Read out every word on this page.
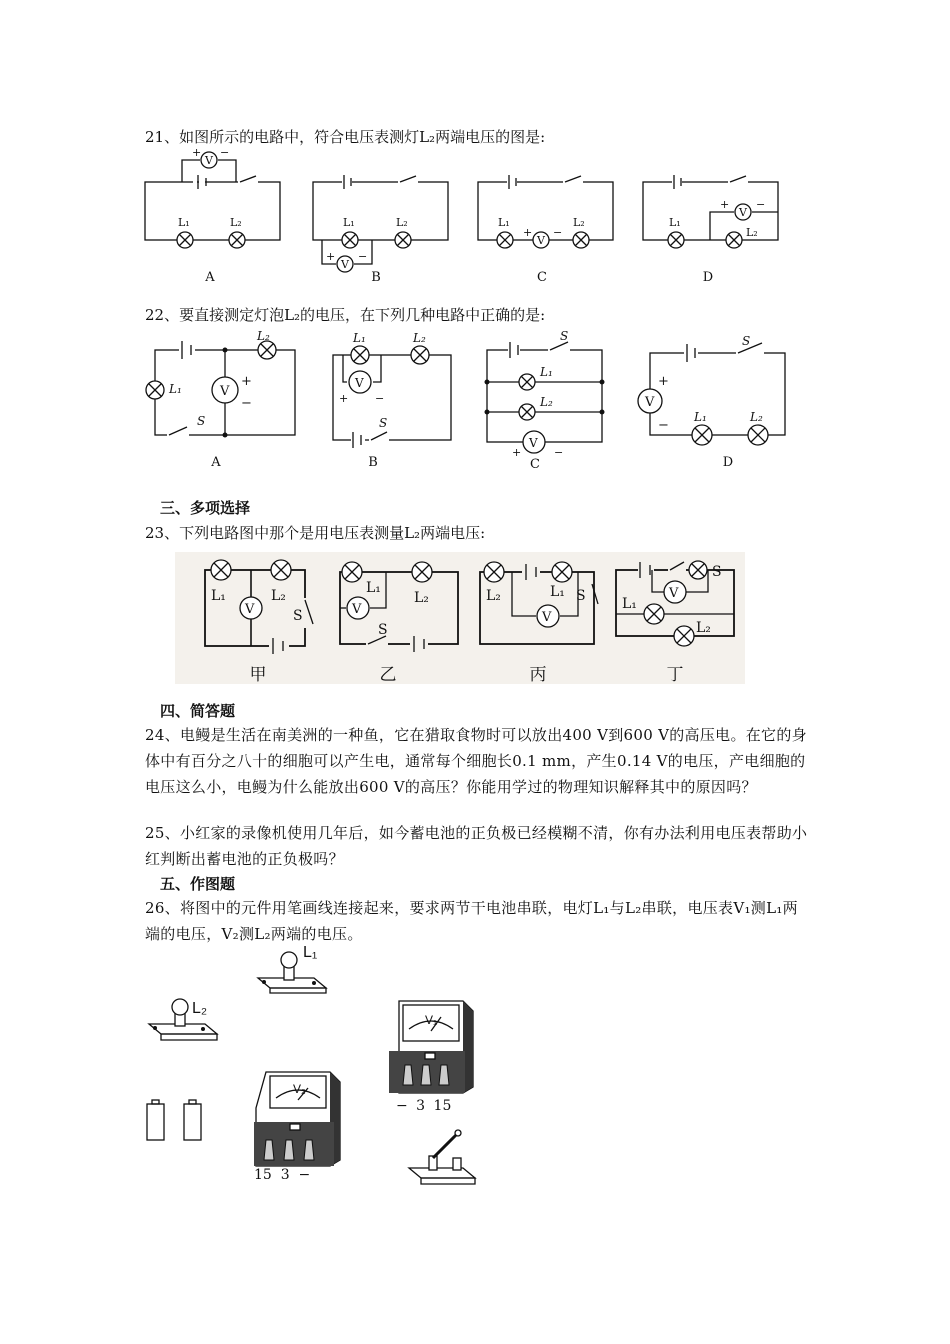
21、如图所示的电路中，符合电压表测灯L₂两端电压的图是:
V
+ −
L₁	L₂
A
L₁	L₂
V
+ −
B
V
L₁	L₂
+ −
C
L₁
V
+ −
L₂
D
22、要直接测定灯泡L₂的电压，在下列几种电路中正确的是:
L₂
L₁	V
+
−
S
A
L₁	L₂
V
+ −
S
B
S
L₁
L₂
V
+	−
C
S
V
+
−
L₁	L₂
D
三、多项选择
23、下列电路图中那个是用电压表测量L₂两端电压:
L₁	L₂
V	S
甲
L₁
L₂
V
S
乙
L₂	L₁ S
V
丙
S
V
L₁
L₂
丁
四、简答题
24、电鳗是生活在南美洲的一种鱼，它在猎取食物时可以放出400 V到600 V的高压电。在它的身体中有百分之八十的细胞可以产生电，通常每个细胞长0.1 mm，产生0.14 V的电压，产电细胞的电压这么小，电鳗为什么能放出600 V的高压？你能用学过的物理知识解释其中的原因吗？
25、小红家的录像机使用几年后，如今蓄电池的正负极已经模糊不清，你有办法利用电压表帮助小红判断出蓄电池的正负极吗？
五、作图题
26、将图中的元件用笔画线连接起来，要求两节干电池串联，电灯L₁与L₂串联，电压表V₁测L₁两端的电压，V₂测L₂两端的电压。
L₁
L₂
V₁
− 3 15
V₂
15  3  −
